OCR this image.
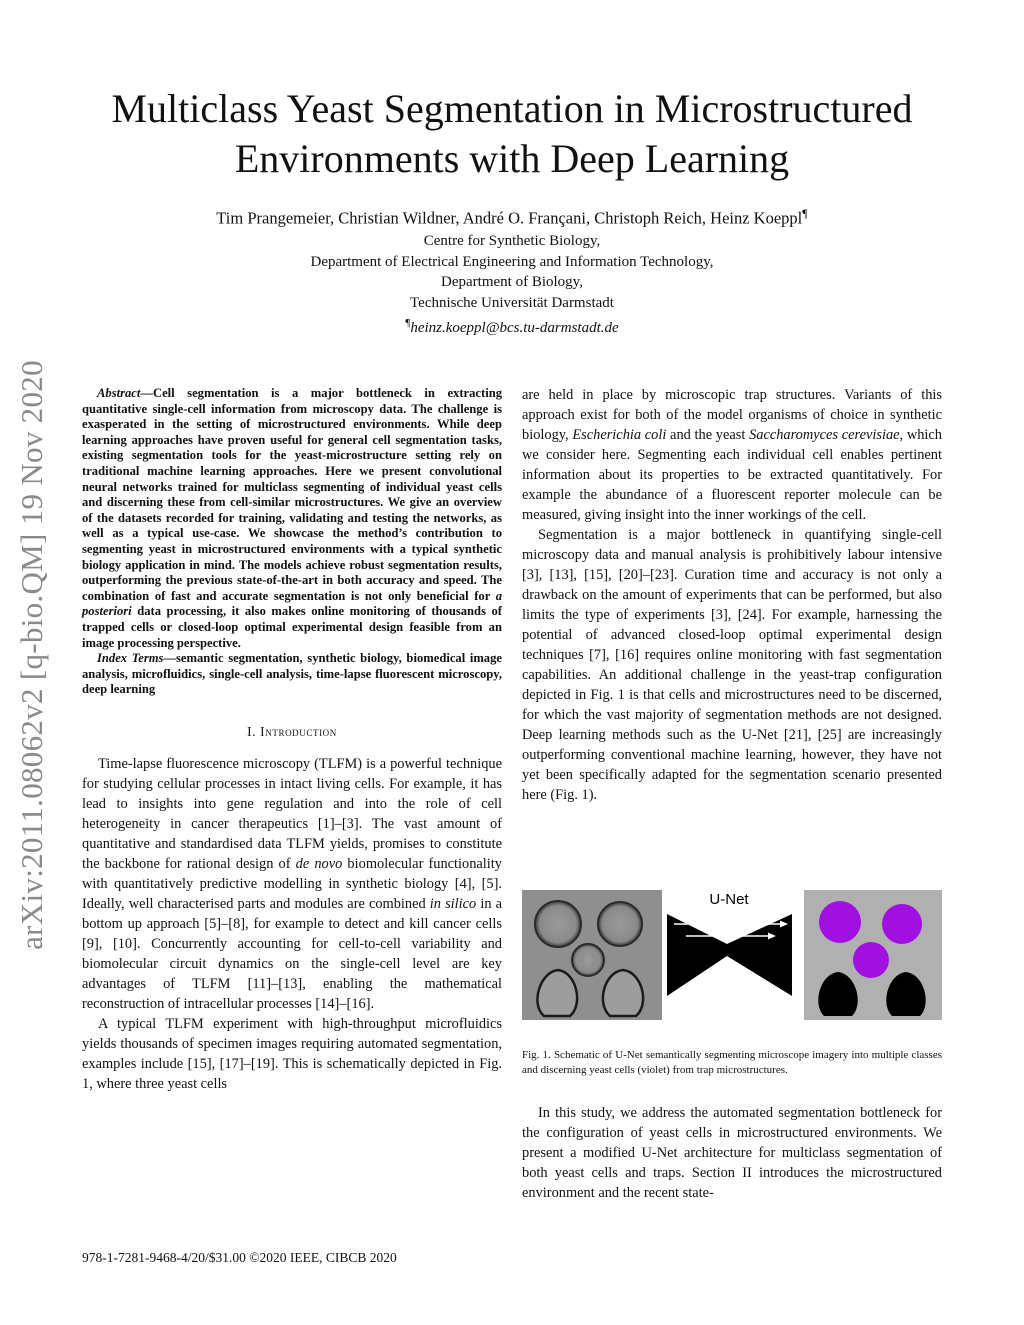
arXiv:2011.08062v2 [q-bio.QM] 19 Nov 2020
Multiclass Yeast Segmentation in Microstructured
Environments with Deep Learning
Tim Prangemeier, Christian Wildner, André O. Françani, Christoph Reich, Heinz Koeppl¶
Centre for Synthetic Biology,
Department of Electrical Engineering and Information Technology,
Department of Biology,
Technische Universität Darmstadt
¶heinz.koeppl@bcs.tu-darmstadt.de

Abstract—Cell segmentation is a major bottleneck in extracting quantitative single-cell information from microscopy data. The challenge is exasperated in the setting of microstructured environments. While deep learning approaches have proven useful for general cell segmentation tasks, existing segmentation tools for the yeast-microstructure setting rely on traditional machine learning approaches. Here we present convolutional neural networks trained for multiclass segmenting of individual yeast cells and discerning these from cell-similar microstructures. We give an overview of the datasets recorded for training, validating and testing the networks, as well as a typical use-case. We showcase the method’s contribution to segmenting yeast in microstructured environments with a typical synthetic biology application in mind. The models achieve robust segmentation results, outperforming the previous state-of-the-art in both accuracy and speed. The combination of fast and accurate segmentation is not only beneficial for a posteriori data processing, it also makes online monitoring of thousands of trapped cells or closed-loop optimal experimental design feasible from an image processing perspective.

Index Terms—semantic segmentation, synthetic biology, biomedical image analysis, microfluidics, single-cell analysis, time-lapse fluorescent microscopy, deep learning

I. Introduction

Time-lapse fluorescence microscopy (TLFM) is a powerful technique for studying cellular processes in intact living cells. For example, it has lead to insights into gene regulation and into the role of cell heterogeneity in cancer therapeutics [1]–[3]. The vast amount of quantitative and standardised data TLFM yields, promises to constitute the backbone for rational design of de novo biomolecular functionality with quantitatively predictive modelling in synthetic biology [4], [5]. Ideally, well characterised parts and modules are combined in silico in a bottom up approach [5]–[8], for example to detect and kill cancer cells [9], [10]. Concurrently accounting for cell-to-cell variability and biomolecular circuit dynamics on the single-cell level are key advantages of TLFM [11]–[13], enabling the mathematical reconstruction of intracellular processes [14]–[16].

A typical TLFM experiment with high-throughput microfluidics yields thousands of specimen images requiring automated segmentation, examples include [15], [17]–[19]. This is schematically depicted in Fig. 1, where three yeast cells

are held in place by microscopic trap structures. Variants of this approach exist for both of the model organisms of choice in synthetic biology, Escherichia coli and the yeast Saccharomyces cerevisiae, which we consider here. Segmenting each individual cell enables pertinent information about its properties to be extracted quantitatively. For example the abundance of a fluorescent reporter molecule can be measured, giving insight into the inner workings of the cell.

Segmentation is a major bottleneck in quantifying single-cell microscopy data and manual analysis is prohibitively labour intensive [3], [13], [15], [20]–[23]. Curation time and accuracy is not only a drawback on the amount of experiments that can be performed, but also limits the type of experiments [3], [24]. For example, harnessing the potential of advanced closed-loop optimal experimental design techniques [7], [16] requires online monitoring with fast segmentation capabilities. An additional challenge in the yeast-trap configuration depicted in Fig. 1 is that cells and microstructures need to be discerned, for which the vast majority of segmentation methods are not designed. Deep learning methods such as the U-Net [21], [25] are increasingly outperforming conventional machine learning, however, they have not yet been specifically adapted for the segmentation scenario presented here (Fig. 1).

U-Net
Fig. 1. Schematic of U-Net semantically segmenting microscope imagery into multiple classes and discerning yeast cells (violet) from trap microstructures.

In this study, we address the automated segmentation bottleneck for the configuration of yeast cells in microstructured environments. We present a modified U-Net architecture for multiclass segmentation of both yeast cells and traps. Section II introduces the microstructured environment and the recent state-

978-1-7281-9468-4/20/$31.00 ©2020 IEEE, CIBCB 2020
